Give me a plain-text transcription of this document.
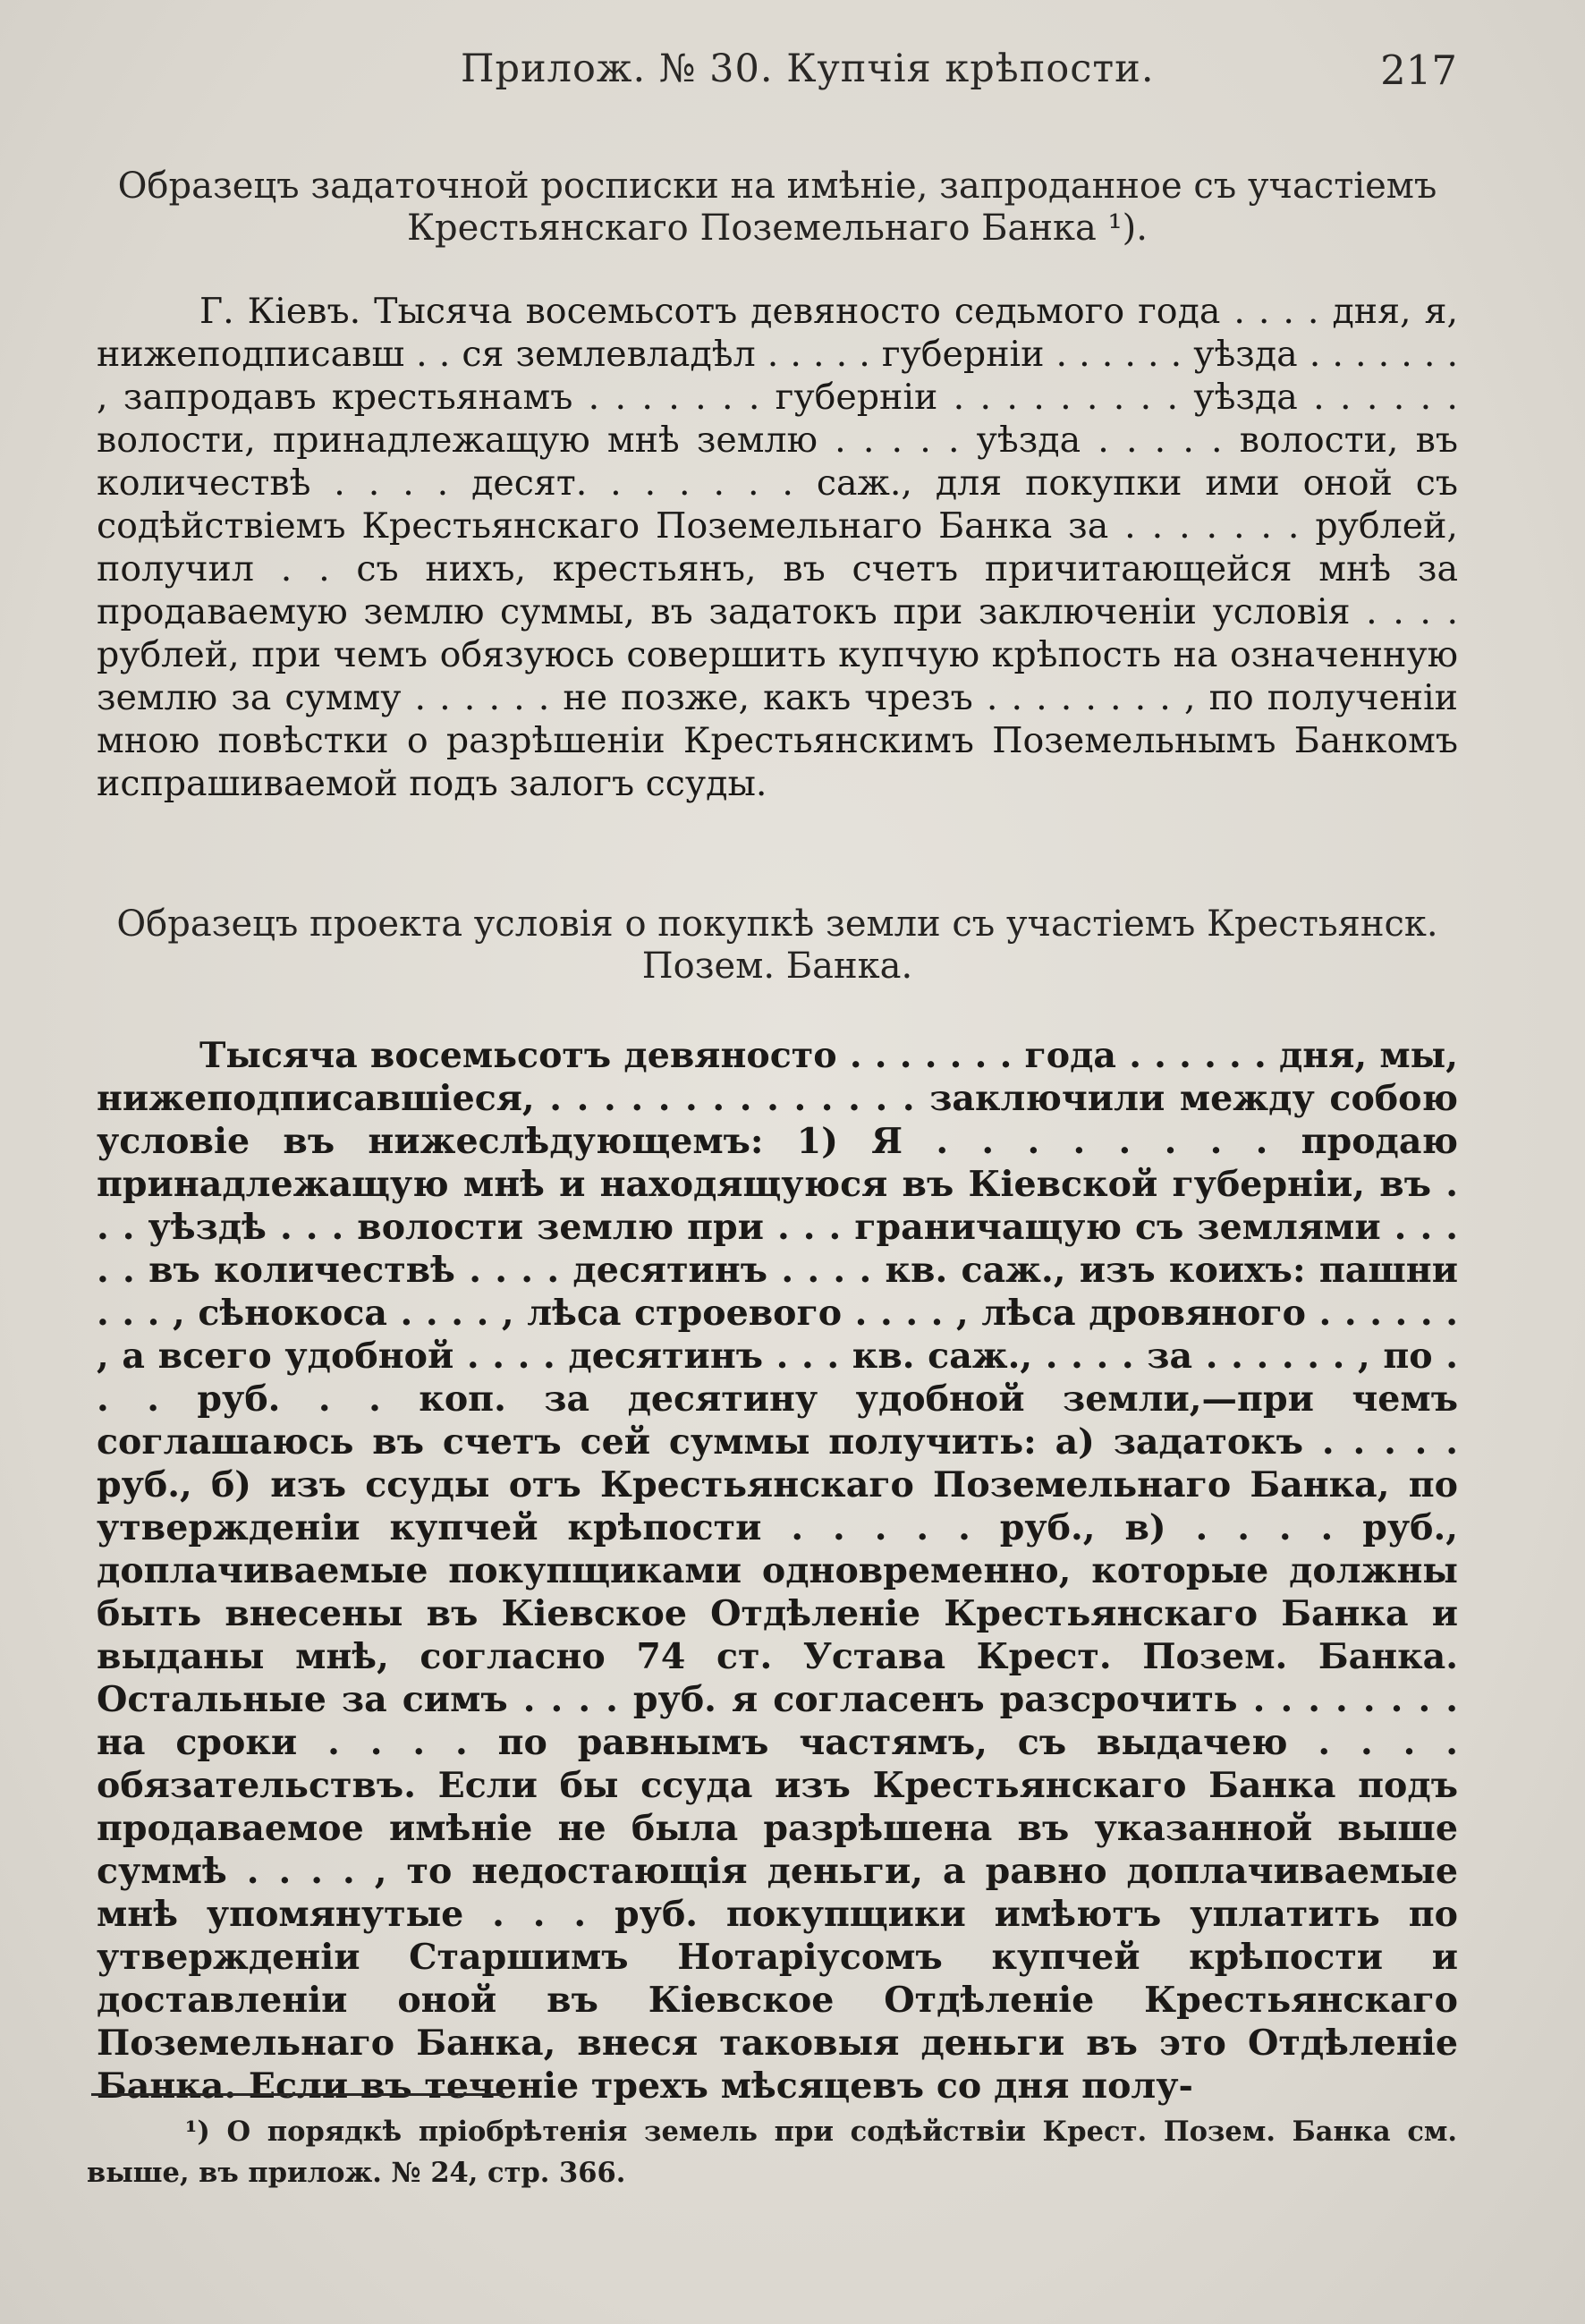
Прилож. № 30. Купчія крѣпости.	217
Образецъ задаточной росписки на имѣніе, запроданное съ участіемъ Крестьянскаго Поземельнаго Банка ¹).

Г. Кіевъ. Тысяча восемьсотъ девяносто седьмого года . . . . дня, я, нижеподписавш . . ся землевладѣл . . . . . губерніи . . . . . . уѣзда . . . . . . . , запродавъ крестьянамъ . . . . . . . губерніи . . . . . . . . . уѣзда . . . . . . волости, принадлежащую мнѣ землю . . . . . уѣзда . . . . . волости, въ количествѣ . . . . десят. . . . . . . саж., для покупки ими оной съ содѣйствіемъ Крестьянскаго Поземельнаго Банка за . . . . . . . рублей, получил . . съ нихъ, крестьянъ, въ счетъ причитающейся мнѣ за продаваемую землю суммы, въ задатокъ при заключеніи условія . . . . рублей, при чемъ обязуюсь совершить купчую крѣпость на означенную землю за сумму . . . . . . не позже, какъ чрезъ . . . . . . . . , по полученіи мною повѣстки о разрѣшеніи Крестьянскимъ Поземельнымъ Банкомъ испрашиваемой подъ залогъ ссуды.

Образецъ проекта условія о покупкѣ земли съ участіемъ Крестьянск. Позем. Банка.

Тысяча восемьсотъ девяносто . . . . . . . года . . . . . . дня, мы, нижеподписавшіеся, . . . . . . . . . . . . . . заключили между собою условіе въ нижеслѣдующемъ: 1) Я . . . . . . . . продаю принадлежащую мнѣ и находящуюся въ Кіевской губерніи, въ . . . уѣздѣ . . . волости землю при . . . граничащую съ землями . . . . . въ количествѣ . . . . десятинъ . . . . кв. саж., изъ коихъ: пашни . . . , сѣнокоса . . . . , лѣса строевого . . . . , лѣса дровяного . . . . . . , а всего удобной . . . . десятинъ . . . кв. саж., . . . . за . . . . . . , по . . . руб. . . коп. за десятину удобной земли,—при чемъ соглашаюсь въ счетъ сей суммы получить: а) задатокъ . . . . . руб., б) изъ ссуды отъ Крестьянскаго Поземельнаго Банка, по утвержденіи купчей крѣпости . . . . . руб., в) . . . . руб., доплачиваемые покупщиками одновременно, которые должны быть внесены въ Кіевское Отдѣленіе Крестьянскаго Банка и выданы мнѣ, согласно 74 ст. Устава Крест. Позем. Банка. Остальные за симъ . . . . руб. я согласенъ разсрочить . . . . . . . . на сроки . . . . по равнымъ частямъ, съ выдачею . . . . обязательствъ. Если бы ссуда изъ Крестьянскаго Банка подъ продаваемое имѣніе не была разрѣшена въ указанной выше суммѣ . . . . , то недостающія деньги, а равно доплачиваемые мнѣ упомянутые . . . руб. покупщики имѣютъ уплатить по утвержденіи Старшимъ Нотаріусомъ купчей крѣпости и доставленіи оной въ Кіевское Отдѣленіе Крестьянскаго Поземельнаго Банка, внеся таковыя деньги въ это Отдѣленіе Банка. Если въ теченіе трехъ мѣсяцевъ со дня полу-

¹) О порядкѣ пріобрѣтенія земель при содѣйствіи Крест. Позем. Банка см. выше, въ прилож. № 24, стр. 366.
